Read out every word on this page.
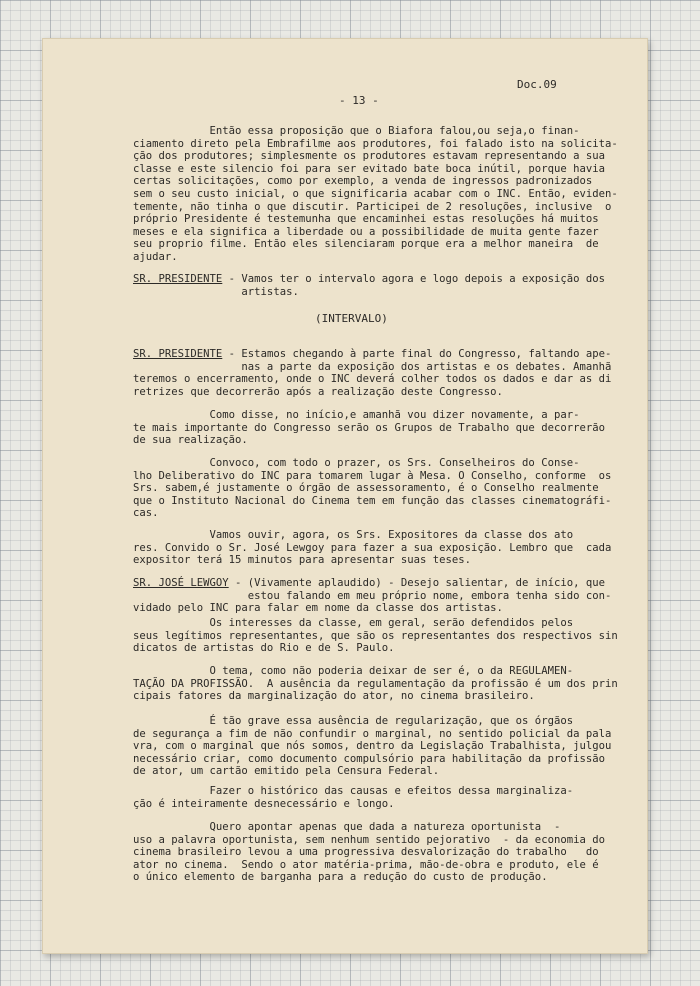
Doc.09
- 13 -
Então essa proposição que o Biafora falou,ou seja,o finan-
ciamento direto pela Embrafilme aos produtores, foi falado isto na solicita-
ção dos produtores; simplesmente os produtores estavam representando a sua
classe e este silencio foi para ser evitado bate boca inútil, porque havia
certas solicitações, como por exemplo, a venda de ingressos padronizados
sem o seu custo inicial, o que significaria acabar com o INC. Então, eviden-
temente, não tinha o que discutir. Participei de 2 resoluções, inclusive  o
próprio Presidente é testemunha que encaminhei estas resoluções há muitos
meses e ela significa a liberdade ou a possibilidade de muita gente fazer
seu proprio filme. Então eles silenciaram porque era a melhor maneira  de
ajudar.
SR. PRESIDENTE - Vamos ter o intervalo agora e logo depois a exposição dos
artistas.
(INTERVALO)
SR. PRESIDENTE - Estamos chegando à parte final do Congresso, faltando ape-
nas a parte da exposição dos artistas e os debates. Amanhã
teremos o encerramento, onde o INC deverá colher todos os dados e dar as di
retrizes que decorrerão após a realização deste Congresso.
Como disse, no início,e amanhã vou dizer novamente, a par-
te mais importante do Congresso serão os Grupos de Trabalho que decorrerão
de sua realização.
Convoco, com todo o prazer, os Srs. Conselheiros do Conse-
lho Deliberativo do INC para tomarem lugar à Mesa. O Conselho, conforme  os
Srs. sabem,é justamente o órgão de assessoramento, é o Conselho realmente
que o Instituto Nacional do Cinema tem em função das classes cinematográfi-
cas.
Vamos ouvir, agora, os Srs. Expositores da classe dos ato
res. Convido o Sr. José Lewgoy para fazer a sua exposição. Lembro que  cada
expositor terá 15 minutos para apresentar suas teses.
SR. JOSÉ LEWGOY - (Vivamente aplaudido) - Desejo salientar, de início, que
estou falando em meu próprio nome, embora tenha sido con-
vidado pelo INC para falar em nome da classe dos artistas.
Os interesses da classe, em geral, serão defendidos pelos
seus legítimos representantes, que são os representantes dos respectivos sin
dicatos de artistas do Rio e de S. Paulo.
O tema, como não poderia deixar de ser é, o da REGULAMEN-
TAÇÃO DA PROFISSÃO.  A ausência da regulamentação da profissão é um dos prin
cipais fatores da marginalização do ator, no cinema brasileiro.
É tão grave essa ausência de regularização, que os órgãos
de segurança a fim de não confundir o marginal, no sentido policial da pala
vra, com o marginal que nós somos, dentro da Legislação Trabalhista, julgou
necessário criar, como documento compulsório para habilitação da profissão
de ator, um cartão emitido pela Censura Federal.
Fazer o histórico das causas e efeitos dessa marginaliza-
ção é inteiramente desnecessário e longo.
Quero apontar apenas que dada a natureza oportunista  -
uso a palavra oportunista, sem nenhum sentido pejorativo  - da economia do
cinema brasileiro levou a uma progressiva desvalorização do trabalho   do
ator no cinema.  Sendo o ator matéria-prima, mão-de-obra e produto, ele é
o único elemento de barganha para a redução do custo de produção.
